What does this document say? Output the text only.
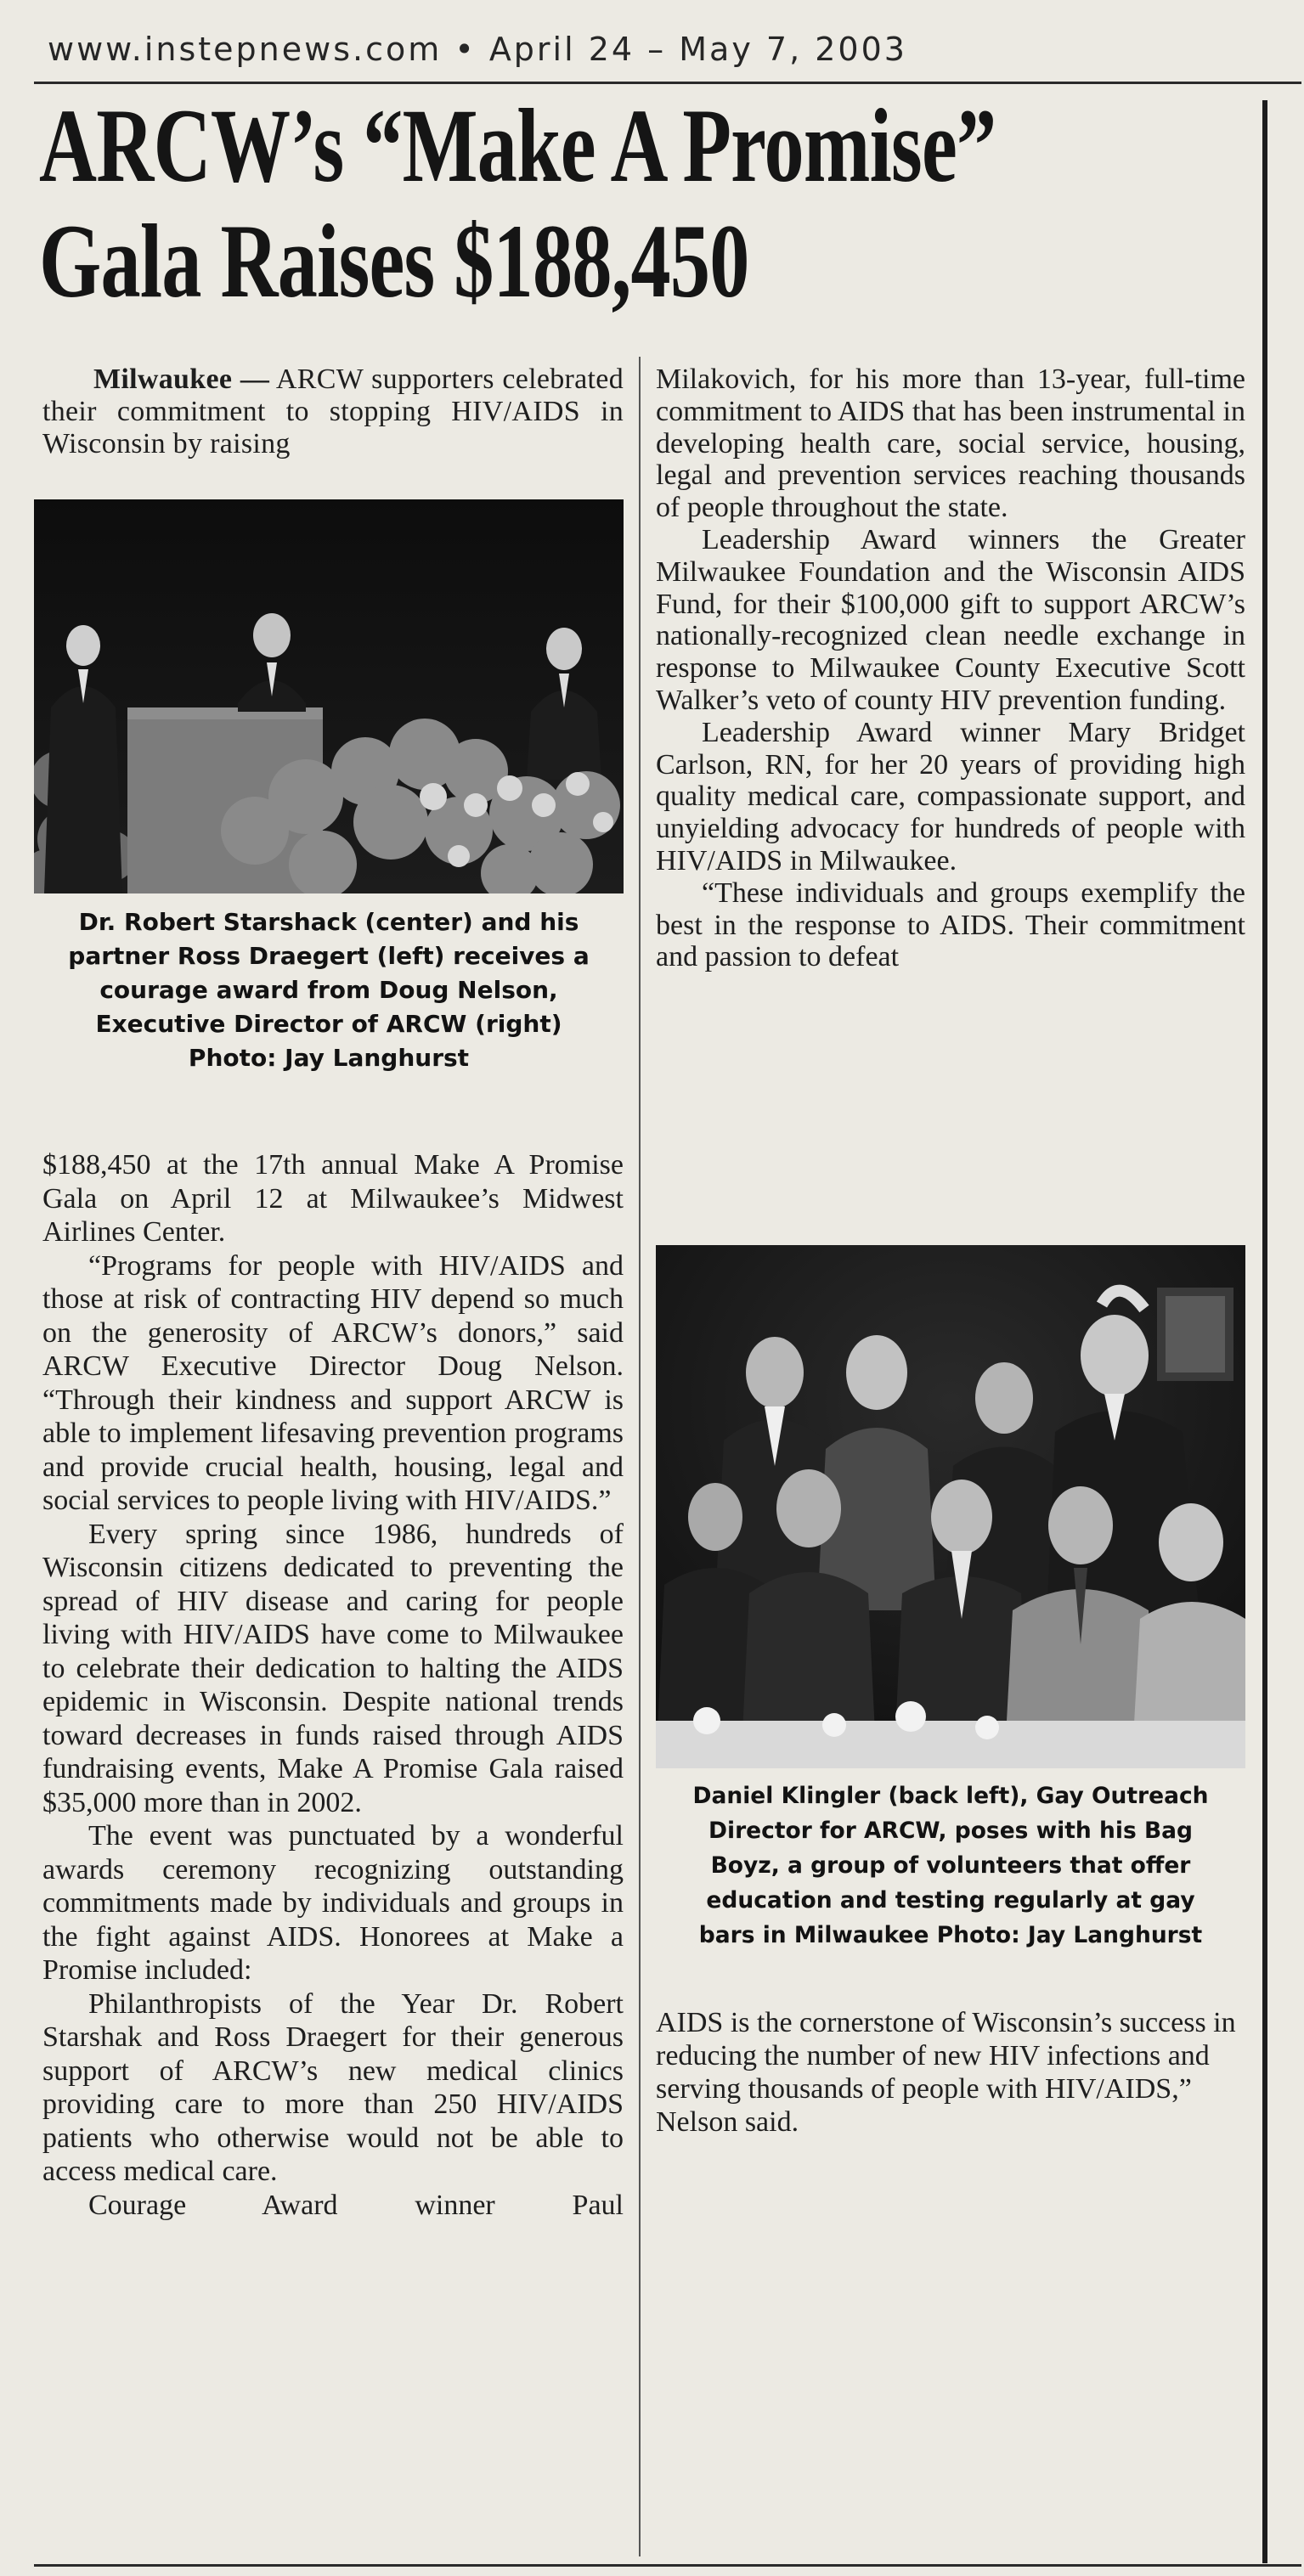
www.instepnews.com • April 24 – May 7, 2003
ARCW’s “Make A Promise”
Gala Raises $188,450

Milwaukee — ARCW supporters celebrated their commitment to stopping HIV/AIDS in Wisconsin by raising

Dr. Robert Starshack (center) and his
partner Ross Draegert (left) receives a
courage award from Doug Nelson,
Executive Director of ARCW (right)
Photo: Jay Langhurst

$188,450 at the 17th annual Make A Promise Gala on April 12 at Milwaukee’s Midwest Airlines Center.

“Programs for people with HIV/AIDS and those at risk of contracting HIV depend so much on the generosity of ARCW’s donors,” said ARCW Executive Director Doug Nelson. “Through their kindness and support ARCW is able to implement lifesaving prevention programs and provide crucial health, housing, legal and social services to people living with HIV/AIDS.”

Every spring since 1986, hundreds of Wisconsin citizens dedicated to preventing the spread of HIV disease and caring for people living with HIV/AIDS have come to Milwaukee to celebrate their dedication to halting the AIDS epidemic in Wisconsin. Despite national trends toward decreases in funds raised through AIDS fundraising events, Make A Promise Gala raised $35,000 more than in 2002.

The event was punctuated by a wonderful awards ceremony recognizing outstanding commitments made by individuals and groups in the fight against AIDS. Honorees at Make a Promise included:

Philanthropists of the Year Dr. Robert Starshak and Ross Draegert for their generous support of ARCW’s new medical clinics providing care to more than 250 HIV/AIDS patients who otherwise would not be able to access medical care.

Courage Award winner Paul

Milakovich, for his more than 13-year, full-time commitment to AIDS that has been instrumental in developing health care, social service, housing, legal and prevention services reaching thousands of people throughout the state.

Leadership Award winners the Greater Milwaukee Foundation and the Wisconsin AIDS Fund, for their $100,000 gift to support ARCW’s nationally-recognized clean needle exchange in response to Milwaukee County Executive Scott Walker’s veto of county HIV prevention funding.

Leadership Award winner Mary Bridget Carlson, RN, for her 20 years of providing high quality medical care, compassionate support, and unyielding advocacy for hundreds of people with HIV/AIDS in Milwaukee.

“These individuals and groups exemplify the best in the response to AIDS. Their commitment and passion to defeat

Daniel Klingler (back left), Gay Outreach
Director for ARCW, poses with his Bag
Boyz, a group of volunteers that offer
education and testing regularly at gay
bars in Milwaukee Photo: Jay Langhurst

AIDS is the cornerstone of Wisconsin’s success in reducing the number of new HIV infections and serving thousands of people with HIV/AIDS,” Nelson said.
